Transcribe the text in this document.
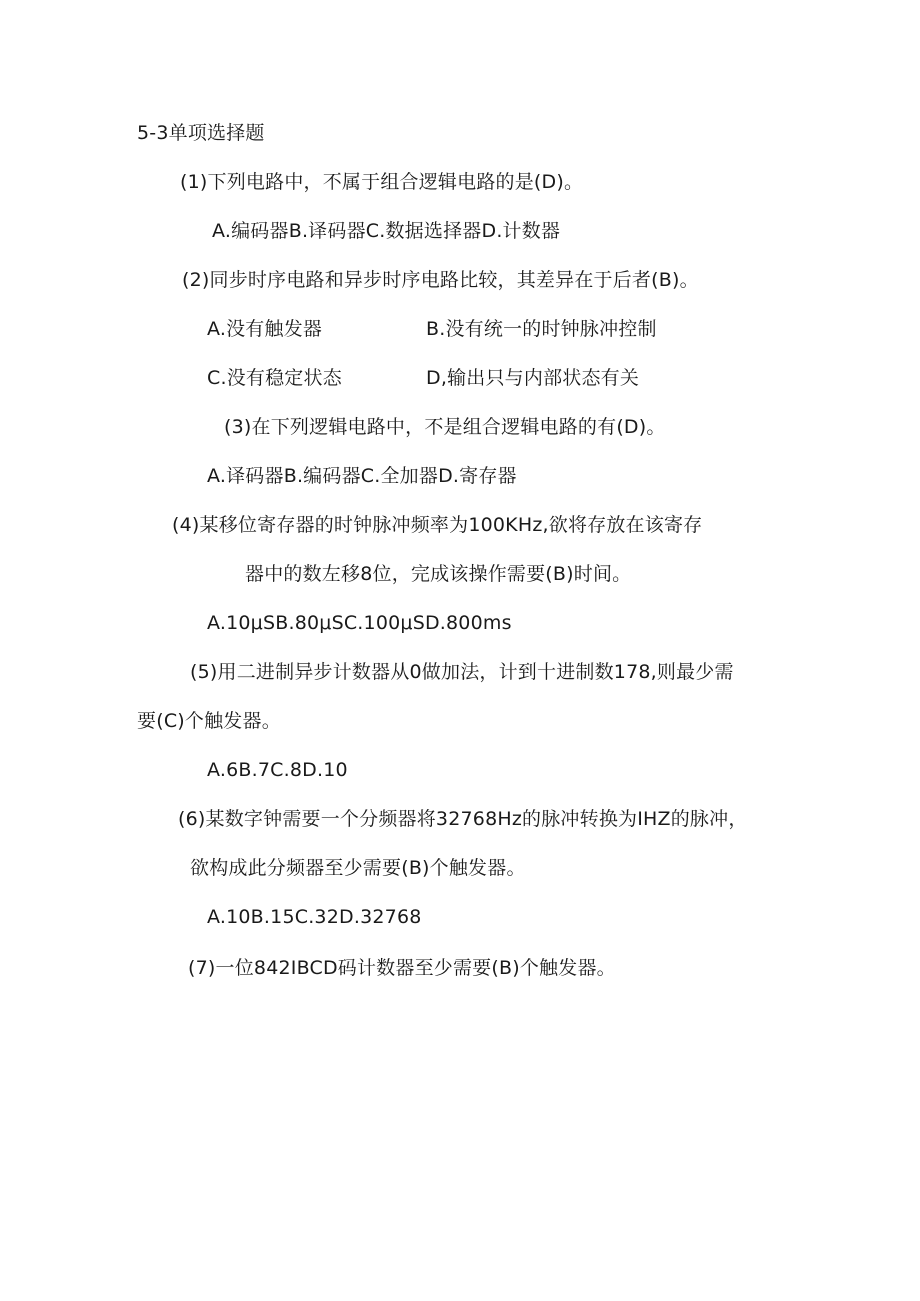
5-3单项选择题
(1)下列电路中，不属于组合逻辑电路的是(D)。
A.编码器B.译码器C.数据选择器D.计数器
(2)同步时序电路和异步时序电路比较，其差异在于后者(B)。
A.没有触发器	B.没有统一的时钟脉冲控制
C.没有稳定状态	D,输出只与内部状态有关
(3)在下列逻辑电路中，不是组合逻辑电路的有(D)。
A.译码器B.编码器C.全加器D.寄存器
(4)某移位寄存器的时钟脉冲频率为100KHz,欲将存放在该寄存
器中的数左移8位，完成该操作需要(B)时间。
A.10μSB.80μSC.100μSD.800ms
(5)用二进制异步计数器从0做加法，计到十进制数178,则最少需
要(C)个触发器。
A.6B.7C.8D.10
(6)某数字钟需要一个分频器将32768Hz的脉冲转换为IHZ的脉冲，
欲构成此分频器至少需要(B)个触发器。
A.10B.15C.32D.32768
(7)一位842IBCD码计数器至少需要(B)个触发器。
